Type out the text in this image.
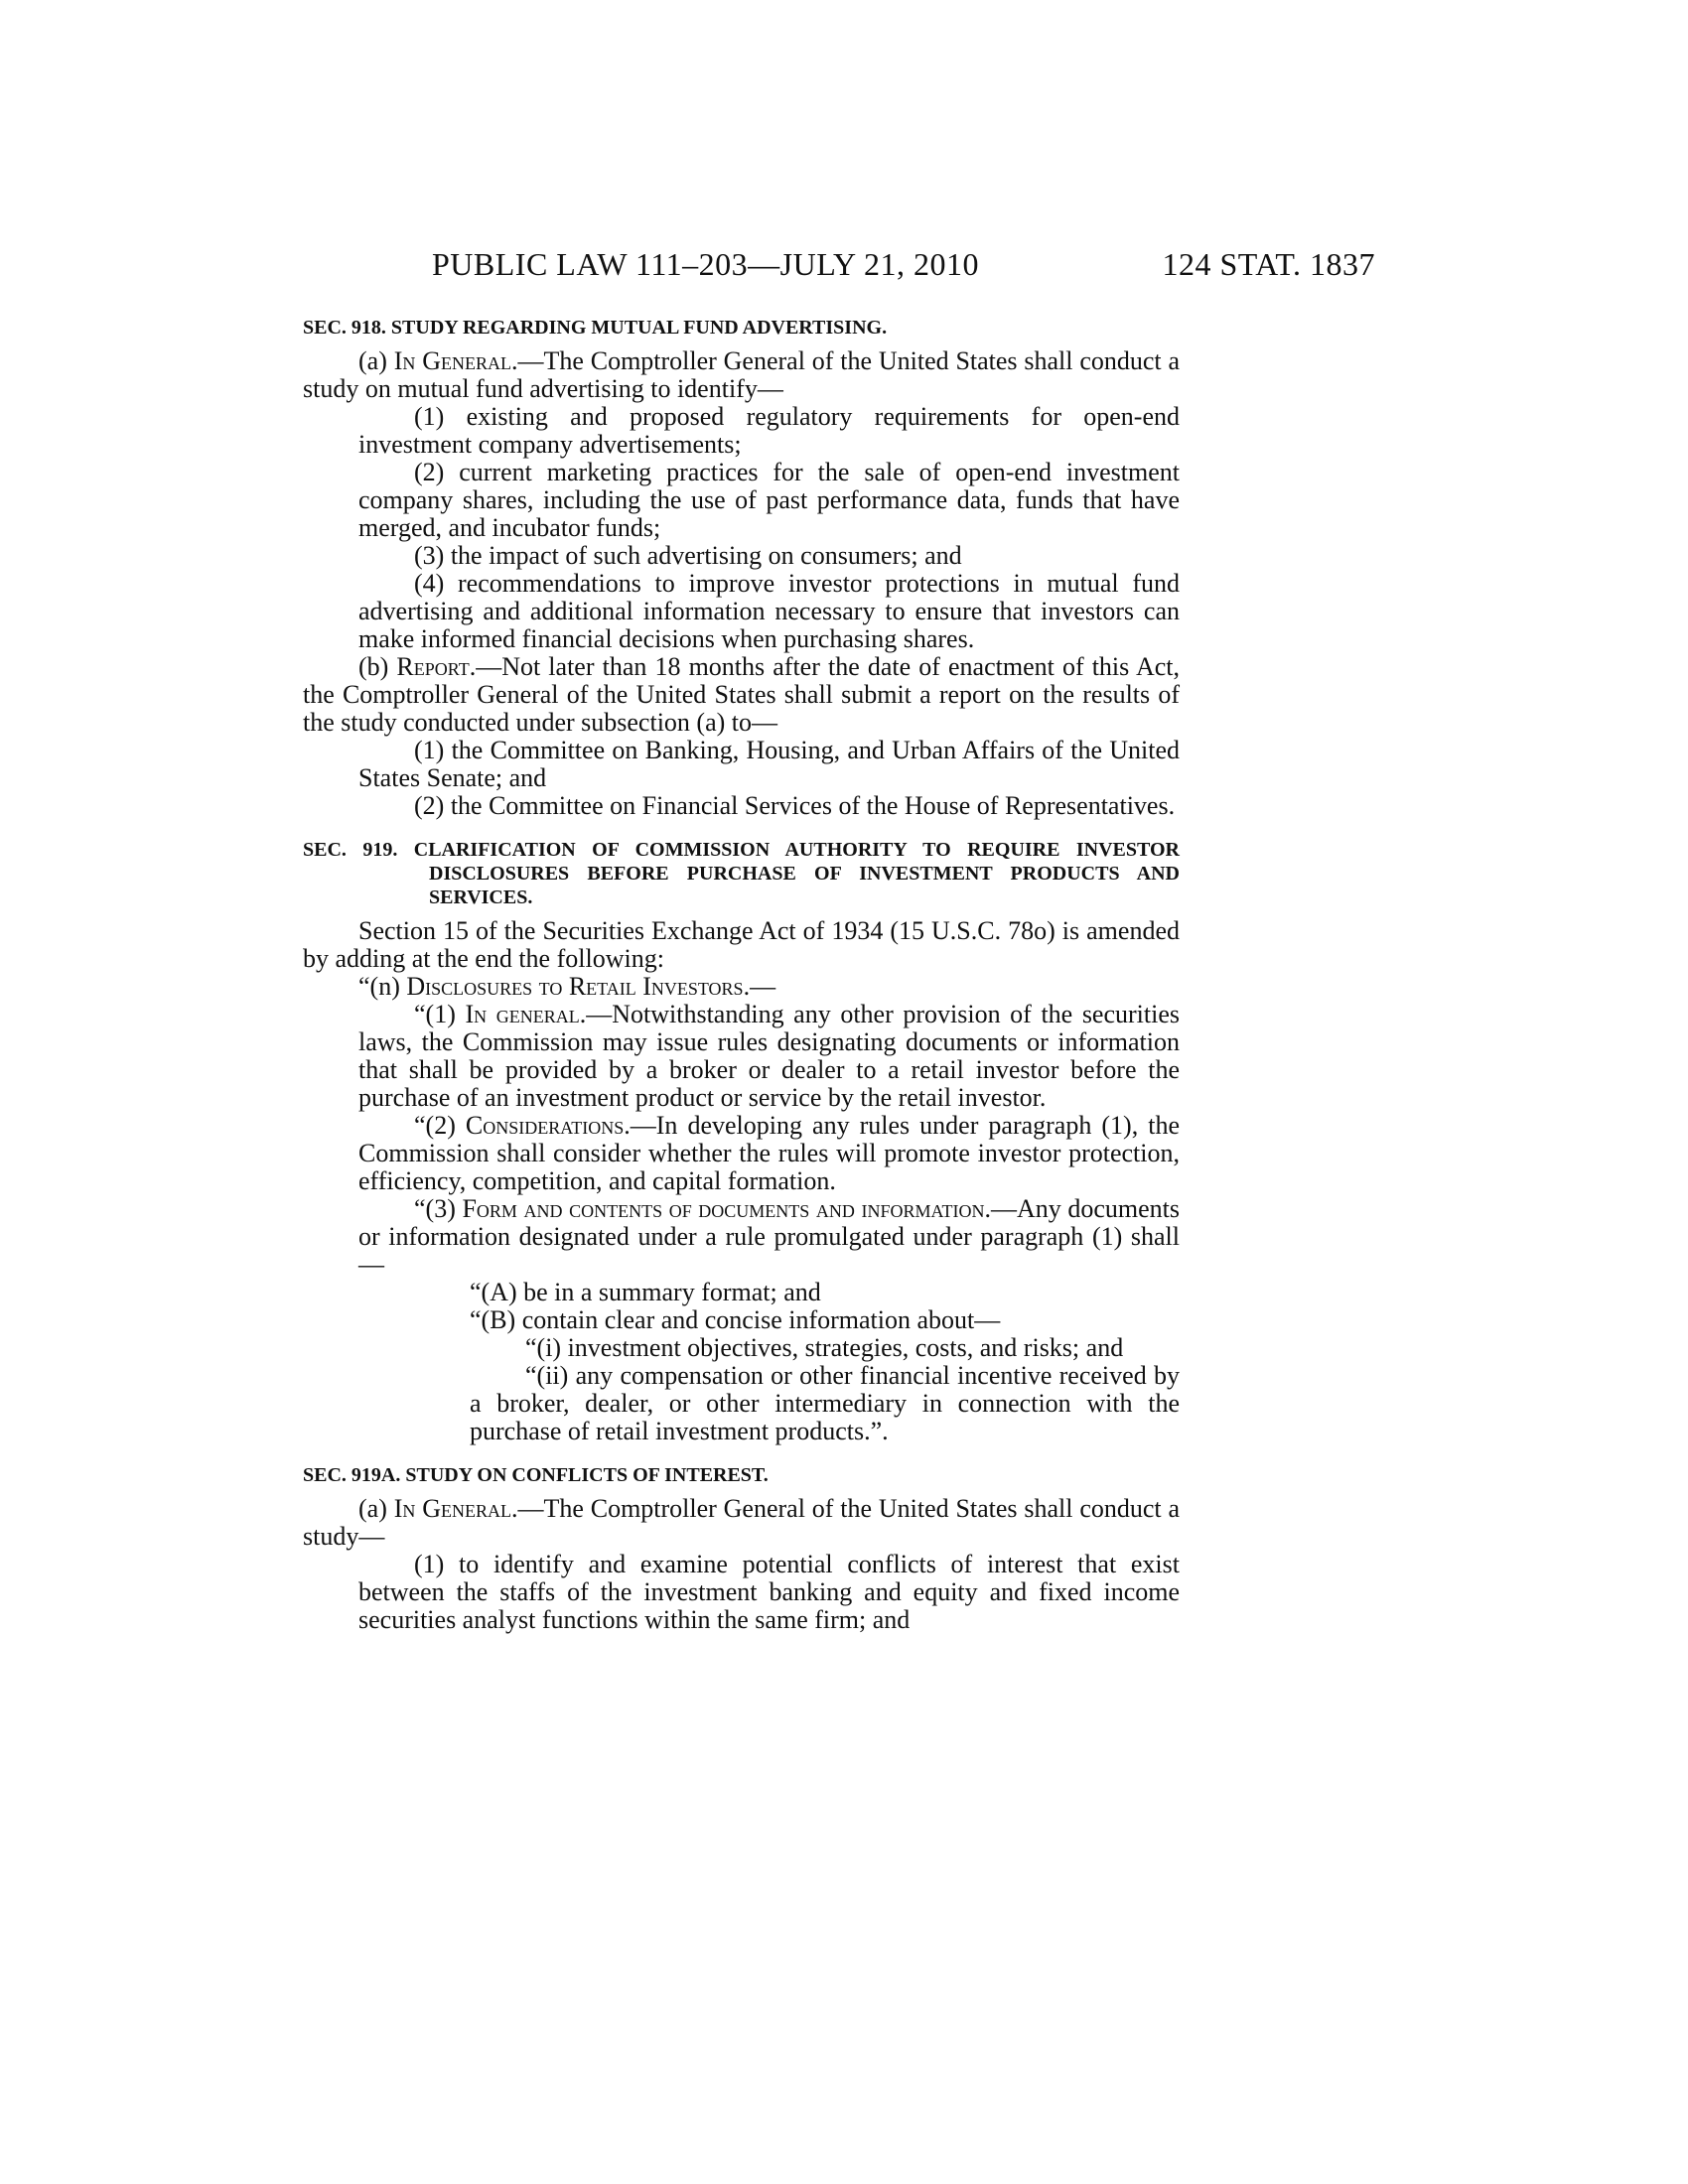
PUBLIC LAW 111–203—JULY 21, 2010	124 STAT. 1837

SEC. 918. STUDY REGARDING MUTUAL FUND ADVERTISING.

(a) In General.—The Comptroller General of the United States shall conduct a study on mutual fund advertising to identify—

(1) existing and proposed regulatory requirements for open-end investment company advertisements;

(2) current marketing practices for the sale of open-end investment company shares, including the use of past performance data, funds that have merged, and incubator funds;

(3) the impact of such advertising on consumers; and

(4) recommendations to improve investor protections in mutual fund advertising and additional information necessary to ensure that investors can make informed financial decisions when purchasing shares.

(b) Report.—Not later than 18 months after the date of enactment of this Act, the Comptroller General of the United States shall submit a report on the results of the study conducted under subsection (a) to—

(1) the Committee on Banking, Housing, and Urban Affairs of the United States Senate; and

(2) the Committee on Financial Services of the House of Representatives.

SEC. 919. CLARIFICATION OF COMMISSION AUTHORITY TO REQUIRE INVESTOR DISCLOSURES BEFORE PURCHASE OF INVESTMENT PRODUCTS AND SERVICES.

Section 15 of the Securities Exchange Act of 1934 (15 U.S.C. 78o) is amended by adding at the end the following:

“(n) Disclosures to Retail Investors.—

“(1) In general.—Notwithstanding any other provision of the securities laws, the Commission may issue rules designating documents or information that shall be provided by a broker or dealer to a retail investor before the purchase of an investment product or service by the retail investor.

“(2) Considerations.—In developing any rules under paragraph (1), the Commission shall consider whether the rules will promote investor protection, efficiency, competition, and capital formation.

“(3) Form and contents of documents and information.—Any documents or information designated under a rule promulgated under paragraph (1) shall—

“(A) be in a summary format; and

“(B) contain clear and concise information about—

“(i) investment objectives, strategies, costs, and risks; and

“(ii) any compensation or other financial incentive received by a broker, dealer, or other intermediary in connection with the purchase of retail investment products.”.

SEC. 919A. STUDY ON CONFLICTS OF INTEREST.

(a) In General.—The Comptroller General of the United States shall conduct a study—

(1) to identify and examine potential conflicts of interest that exist between the staffs of the investment banking and equity and fixed income securities analyst functions within the same firm; and
